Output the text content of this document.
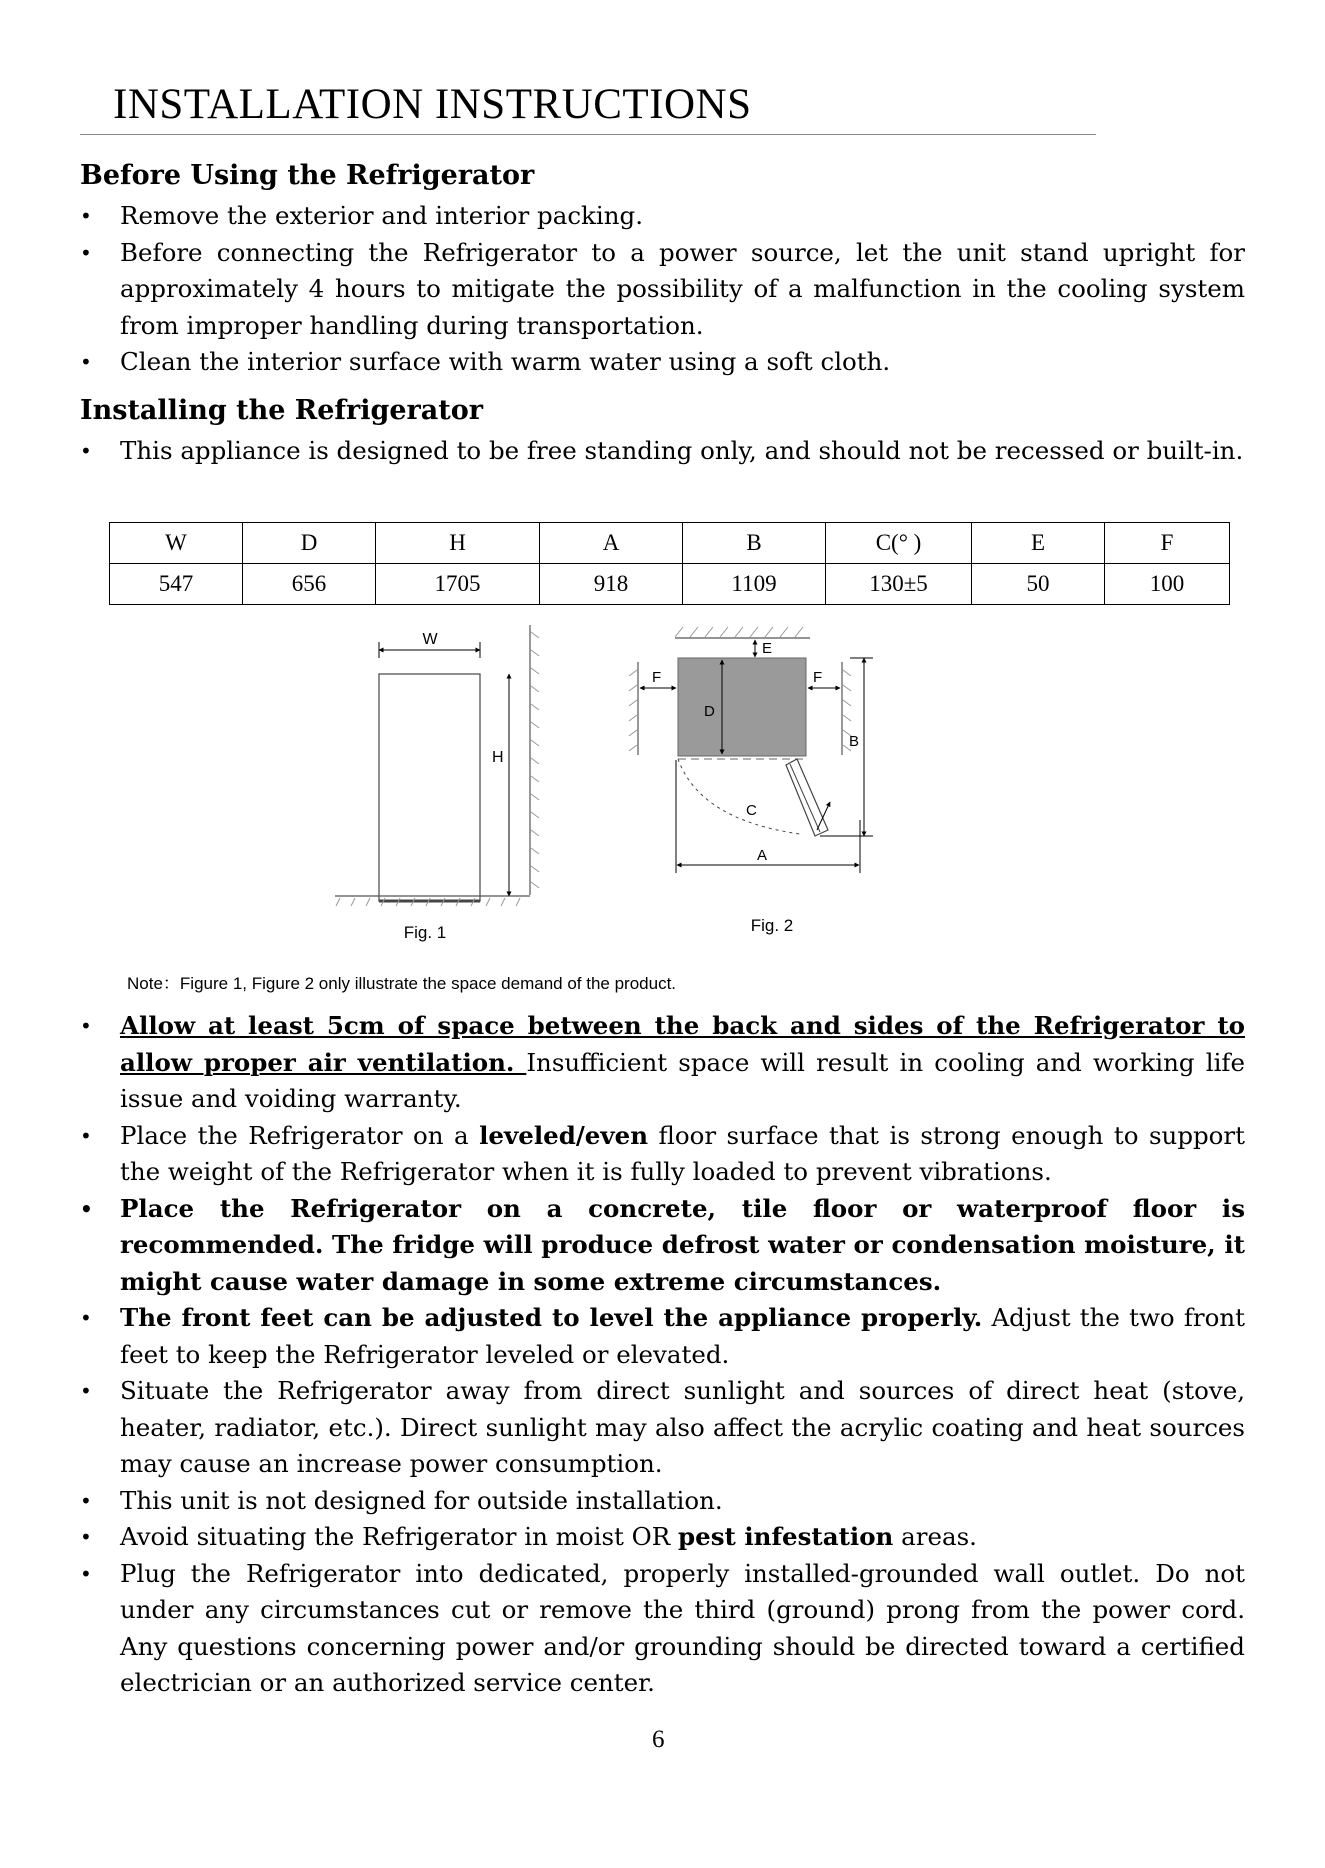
INSTALLATION INSTRUCTIONS
Before Using the Refrigerator
• Remove the exterior and interior packing.
• Before connecting the Refrigerator to a power source, let the unit stand upright for approximately 4 hours to mitigate the possibility of a malfunction in the cooling system from improper handling during transportation.
• Clean the interior surface with warm water using a soft cloth.
Installing the Refrigerator
• This appliance is designed to be free standing only, and should not be recessed or built-in.
W	D	H	A	B	C(° )	E	F
547	656	1705	918	1109	130±5	50	100
W
H
Fig. 1
E
F	F
D
C
B
A
Fig. 2
Note：Figure 1, Figure 2 only illustrate the space demand of the product.
• Allow at least 5cm of space between the back and sides of the Refrigerator to allow proper air ventilation. Insufficient space will result in cooling and working life issue and voiding warranty.
• Place the Refrigerator on a leveled/even floor surface that is strong enough to support the weight of the Refrigerator when it is fully loaded to prevent vibrations.
• Place the Refrigerator on a concrete, tile floor or waterproof floor is recommended. The fridge will produce defrost water or condensation moisture, it might cause water damage in some extreme circumstances.
• The front feet can be adjusted to level the appliance properly. Adjust the two front feet to keep the Refrigerator leveled or elevated.
• Situate the Refrigerator away from direct sunlight and sources of direct heat (stove, heater, radiator, etc.). Direct sunlight may also affect the acrylic coating and heat sources may cause an increase power consumption.
• This unit is not designed for outside installation.
• Avoid situating the Refrigerator in moist OR pest infestation areas.
• Plug the Refrigerator into dedicated, properly installed-grounded wall outlet. Do not under any circumstances cut or remove the third (ground) prong from the power cord. Any questions concerning power and/or grounding should be directed toward a certified electrician or an authorized service center.
6
